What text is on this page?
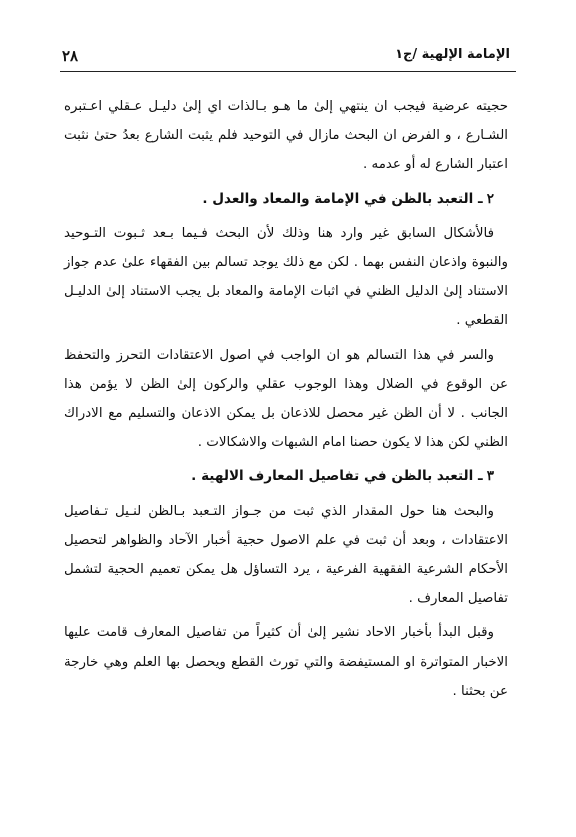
٢٨	الإمامة الإلهية /ج١

حجيته عرضية فيجب ان ينتهي إلىٰ ما هـو بـالذات اي إلىٰ دليـل عـقلي اعـتبره الشـارع ، و الفرض ان البحث مازال في التوحيد فلم يثبت الشارع بعدُ حتىٰ نثبت اعتبار الشارع له أو عدمه .

٢ـ التعبد بالظن في الإمامة والمعاد والعدل .

فالأشكال السابق غير وارد هنا وذلك لأن البحث فـيما بـعد ثـبوت التـوحيد والنبوة واذعان النفس بهما . لكن مع ذلك يوجد تسالم بين الفقهاء علىٰ عدم جواز الاستناد إلىٰ الدليل الظني في اثبات الإمامة والمعاد بل يجب الاستناد إلىٰ الدليـل القطعي .

والسر في هذا التسالم هو ان الواجب في اصول الاعتقادات التحرز والتحفظ عن الوقوع في الضلال وهذا الوجوب عقلي والركون إلىٰ الظن لا يؤمن هذا الجانب . لا أن الظن غير محصل للاذعان بل يمكن الاذعان والتسليم مع الادراك الظني لكن هذا لا يكون حصنا امام الشبهات والاشكالات .

٣ـ التعبد بالظن في تفاصيل المعارف الالهية .

والبحث هنا حول المقدار الذي ثبت من جـواز التـعبد بـالظن لنـيل تـفاصيل الاعتقادات ، وبعد أن ثبت في علم الاصول حجية أخبار الآحاد والظواهر لتحصيل الأحكام الشرعية الفقهية الفرعية ، يرد التساؤل هل يمكن تعميم الحجية لتشمل تفاصيل المعارف .

وقبل البدأ بأخبار الاحاد نشير إلىٰ أن كثيراً من تفاصيل المعارف قامت عليها الاخبار المتواترة او المستيفضة والتي تورث القطع ويحصل بها العلم وهي خارجة عن بحثنا .
